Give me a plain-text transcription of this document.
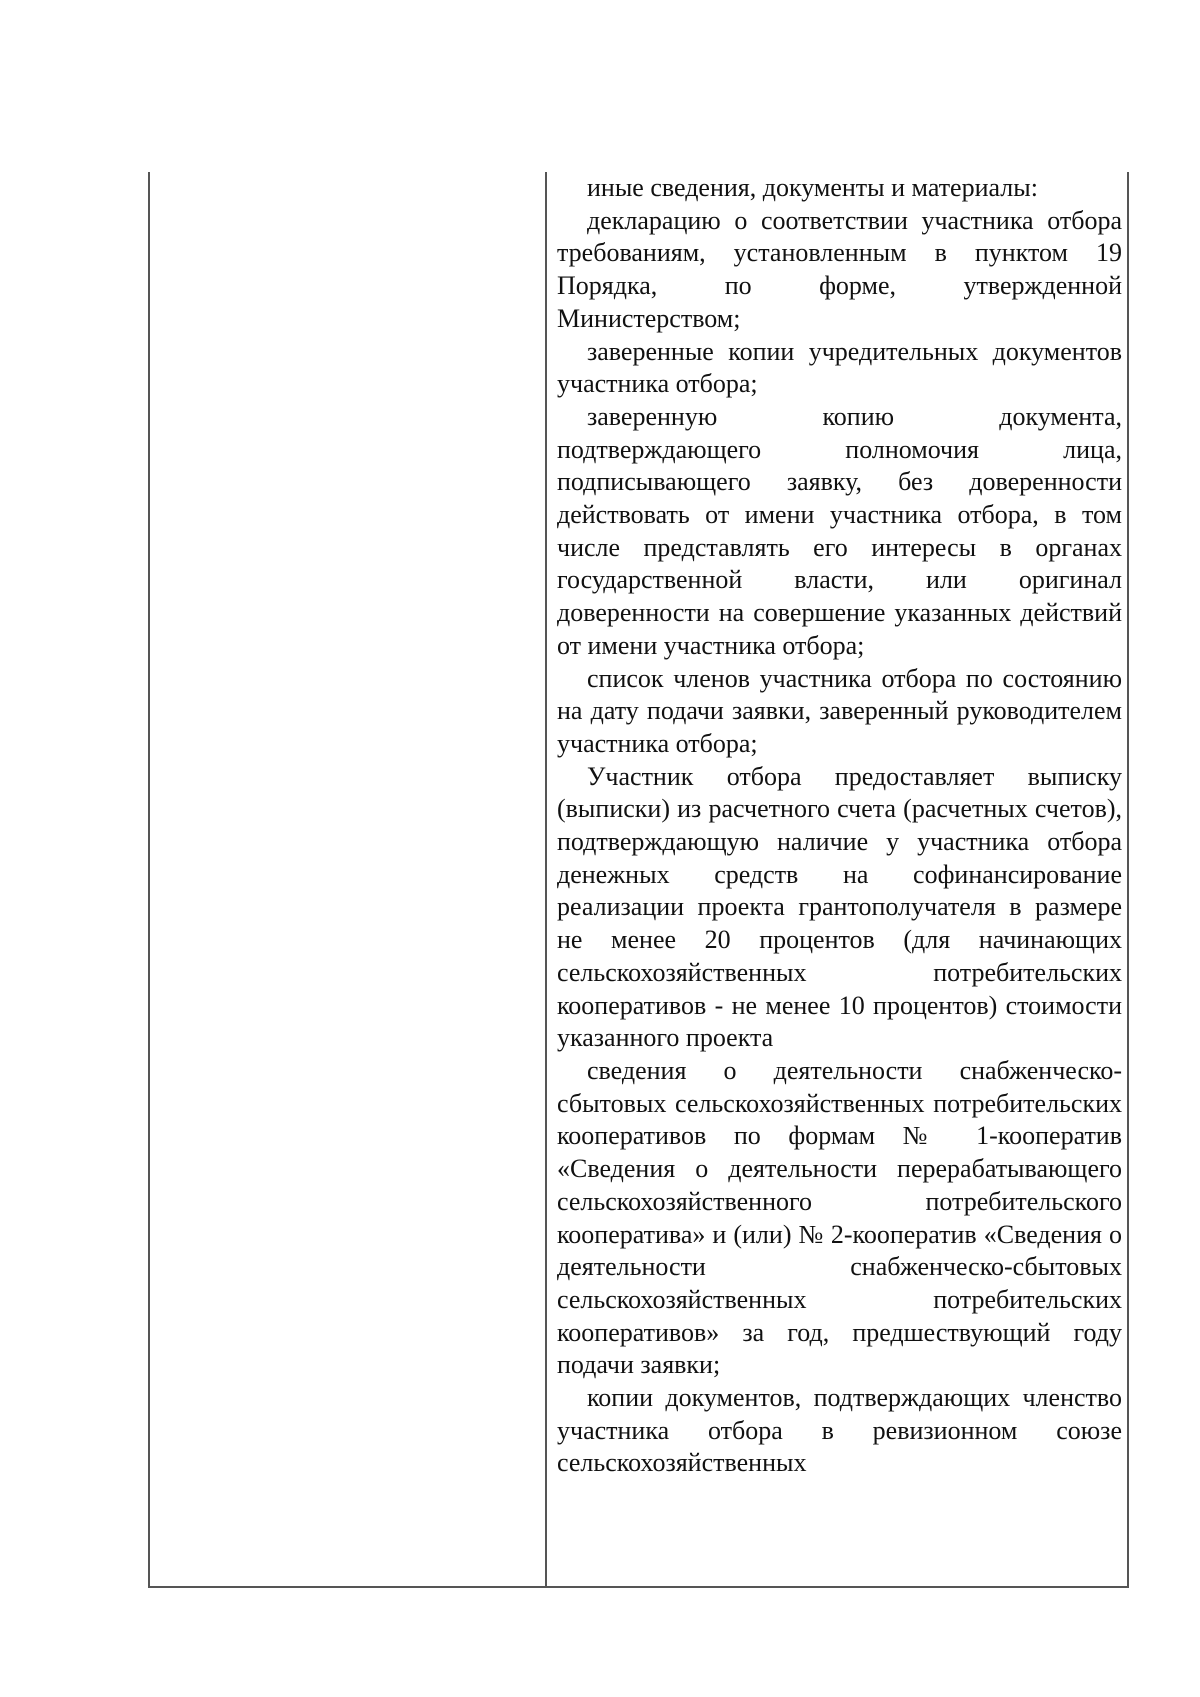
иные сведения, документы и материалы:

декларацию о соответствии участника отбора требованиям, установленным в пунктом 19 Порядка, по форме, утвержденной Министерством;

заверенные копии учредительных документов участника отбора;

заверенную копию документа, подтверждающего полномочия лица, подписывающего заявку, без доверенности действовать от имени участника отбора, в том числе представлять его интересы в органах государственной власти, или оригинал доверенности на совершение указанных действий от имени участника отбора;

список членов участника отбора по состоянию на дату подачи заявки, заверенный руководителем участника отбора;

Участник отбора предоставляет выписку (выписки) из расчетного счета (расчетных счетов), подтверждающую наличие у участника отбора денежных средств на софинансирование реализации проекта грантополучателя в размере не менее 20 процентов (для начинающих сельскохозяйственных потребительских кооперативов - не менее 10 процентов) стоимости указанного проекта

сведения о деятельности снабженческо-сбытовых сельскохозяйственных потребительских кооперативов по формам № 1-кооператив «Сведения о деятельности перерабатывающего сельскохозяйственного потребительского кооператива» и (или) № 2-кооператив «Сведения о деятельности снабженческо-сбытовых сельскохозяйственных потребительских кооперативов» за год, предшествующий году подачи заявки;

копии документов, подтверждающих членство участника отбора в ревизионном союзе сельскохозяйственных
